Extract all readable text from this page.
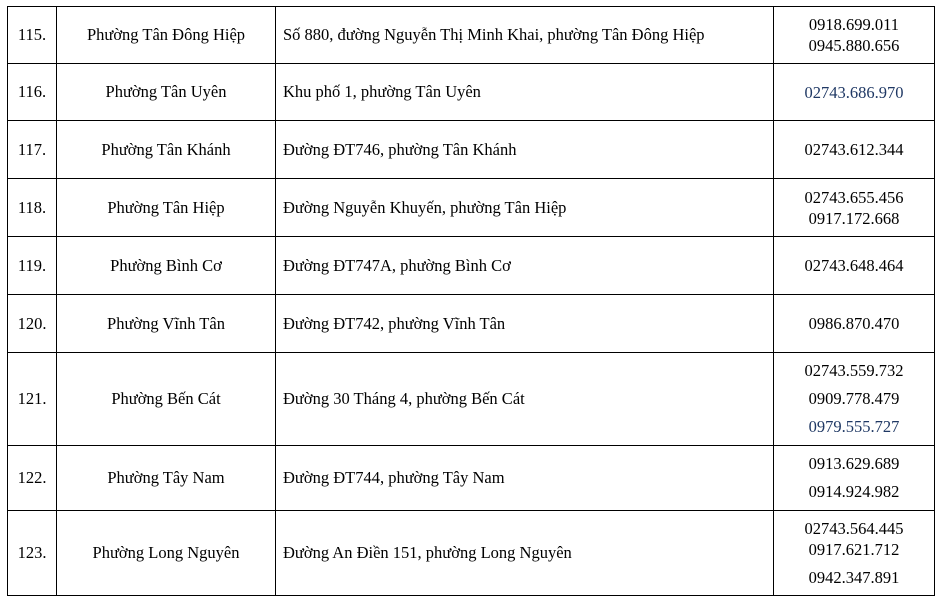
115.	Phường Tân Đông Hiệp	Số 880, đường Nguyễn Thị Minh Khai, phường Tân Đông Hiệp	0918.699.011
0945.880.656

116.	Phường Tân Uyên	Khu phố 1, phường Tân Uyên	02743.686.970

117.	Phường Tân Khánh	Đường ĐT746, phường Tân Khánh	02743.612.344

118.	Phường Tân Hiệp	Đường Nguyễn Khuyến, phường Tân Hiệp	02743.655.456
0917.172.668

119.	Phường Bình Cơ	Đường ĐT747A, phường Bình Cơ	02743.648.464

120.	Phường Vĩnh Tân	Đường ĐT742, phường Vĩnh Tân	0986.870.470

121.	Phường Bến Cát	Đường 30 Tháng 4, phường Bến Cát	02743.559.732
0909.778.479
0979.555.727

122.	Phường Tây Nam	Đường ĐT744, phường Tây Nam	0913.629.689
0914.924.982

123.	Phường Long Nguyên	Đường An Điền 151, phường Long Nguyên	02743.564.445
0917.621.712
0942.347.891
